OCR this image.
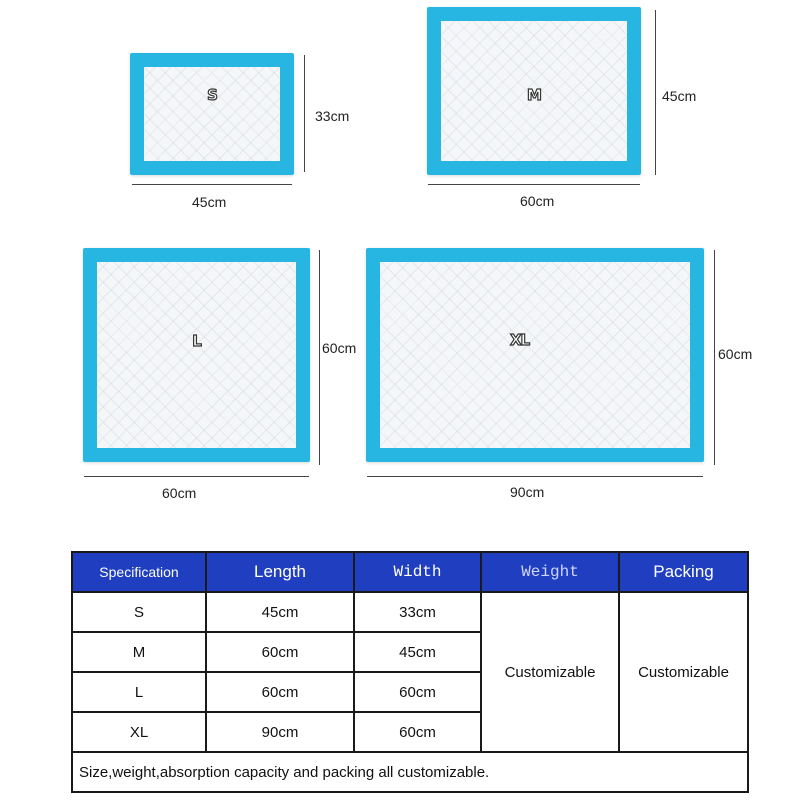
S
33cm
45cm
M	45cm
60cm
L	60cm
60cm
XL
60cm
90cm
Specification	Length	Width	Weight	Packing
S	45cm	33cm	Customizable	Customizable
M	60cm	45cm		
L	60cm	60cm		
XL	90cm	60cm		
Size,weight,absorption capacity and packing all customizable.				
